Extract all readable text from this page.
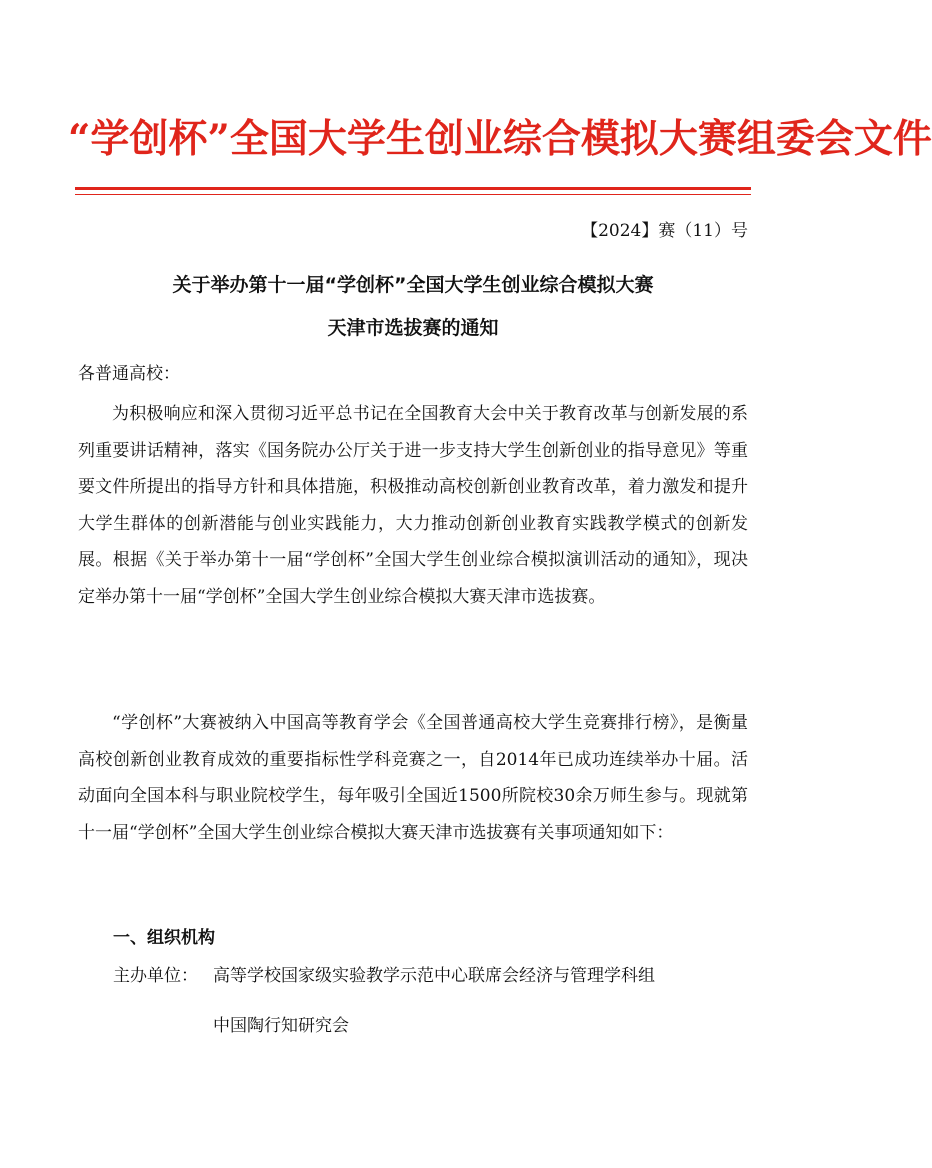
“学创杯”全国大学生创业综合模拟大赛组委会文件
【2024】赛（11）号
关于举办第十一届“学创杯”全国大学生创业综合模拟大赛
天津市选拔赛的通知
各普通高校：

为积极响应和深入贯彻习近平总书记在全国教育大会中关于教育改革与创新发展的系列重要讲话精神，落实《国务院办公厅关于进一步支持大学生创新创业的指导意见》等重要文件所提出的指导方针和具体措施，积极推动高校创新创业教育改革，着力激发和提升大学生群体的创新潜能与创业实践能力，大力推动创新创业教育实践教学模式的创新发展。根据《关于举办第十一届“学创杯”全国大学生创业综合模拟演训活动的通知》，现决定举办第十一届“学创杯”全国大学生创业综合模拟大赛天津市选拔赛。

“学创杯”大赛被纳入中国高等教育学会《全国普通高校大学生竞赛排行榜》，是衡量高校创新创业教育成效的重要指标性学科竞赛之一，自2014年已成功连续举办十届。活动面向全国本科与职业院校学生，每年吸引全国近1500所院校30余万师生参与。现就第十一届“学创杯”全国大学生创业综合模拟大赛天津市选拔赛有关事项通知如下：

一、组织机构
主办单位： 高等学校国家级实验教学示范中心联席会经济与管理学科组
中国陶行知研究会
